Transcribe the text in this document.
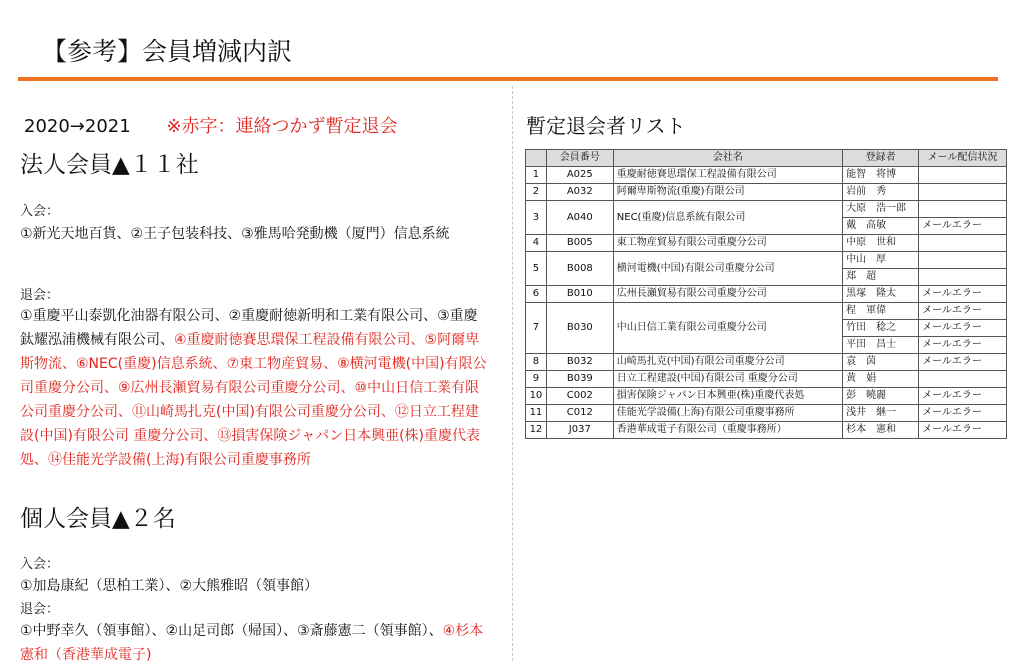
【参考】会員増減内訳
2020→2021 ※赤字：連絡つかず暫定退会
法人会員▲１１社
入会：
①新光天地百貨、②王子包装科技、③雅馬哈発動機（厦門）信息系統
退会：
①重慶平山泰凱化油器有限公司、②重慶耐徳新明和工業有限公司、③重慶鈦耀泓浦機械有限公司、④重慶耐徳賽思環保工程設備有限公司、⑤阿爾卑斯物流、⑥NEC(重慶)信息系統、⑦東工物産貿易、⑧横河電機(中国)有限公司重慶分公司、⑨広州長瀬貿易有限公司重慶分公司、⑩中山日信工業有限公司重慶分公司、⑪山崎馬扎克(中国)有限公司重慶分公司、⑫日立工程建設(中国)有限公司 重慶分公司、⑬損害保険ジャパン日本興亜(株)重慶代表処、⑭佳能光学設備(上海)有限公司重慶事務所
個人会員▲２名
入会：
①加島康紀（思柏工業）、②大熊雅昭（領事館）
退会：
①中野幸久（領事館）、②山足司郎（帰国）、③斎藤憲二（領事館）、④杉本憲和（香港華成電子)
暫定退会者リスト
	会員番号	会社名	登録者	メール配信状況
1	A025	重慶耐徳賽思環保工程設備有限公司	能智　将博	
2	A032	阿爾卑斯物流(重慶)有限公司	岩前　秀	
3	A040	NEC(重慶)信息系統有限公司	大原　浩一郎	
			戴　高敏	メールエラー
4	B005	東工物産貿易有限公司重慶分公司	中原　世和	
5	B008	横河電機(中国)有限公司重慶分公司	中山　厚	
			郑　超	
6	B010	広州長瀬貿易有限公司重慶分公司	黒塚　隆太	メールエラー
7	B030	中山日信工業有限公司重慶分公司	程　軍偉	メールエラー
			竹田　稔之	メールエラー
			平田　昌士	メールエラー
8	B032	山崎馬扎克(中国)有限公司重慶分公司	袁　茵	メールエラー
9	B039	日立工程建設(中国)有限公司 重慶分公司	黄　娟	
10	C002	損害保険ジャパン日本興亜(株)重慶代表処	彭　曉麗	メールエラー
11	C012	佳能光学設備(上海)有限公司重慶事務所	浅井　継一	メールエラー
12	J037	香港華成電子有限公司（重慶事務所）	杉本　憲和	メールエラー
